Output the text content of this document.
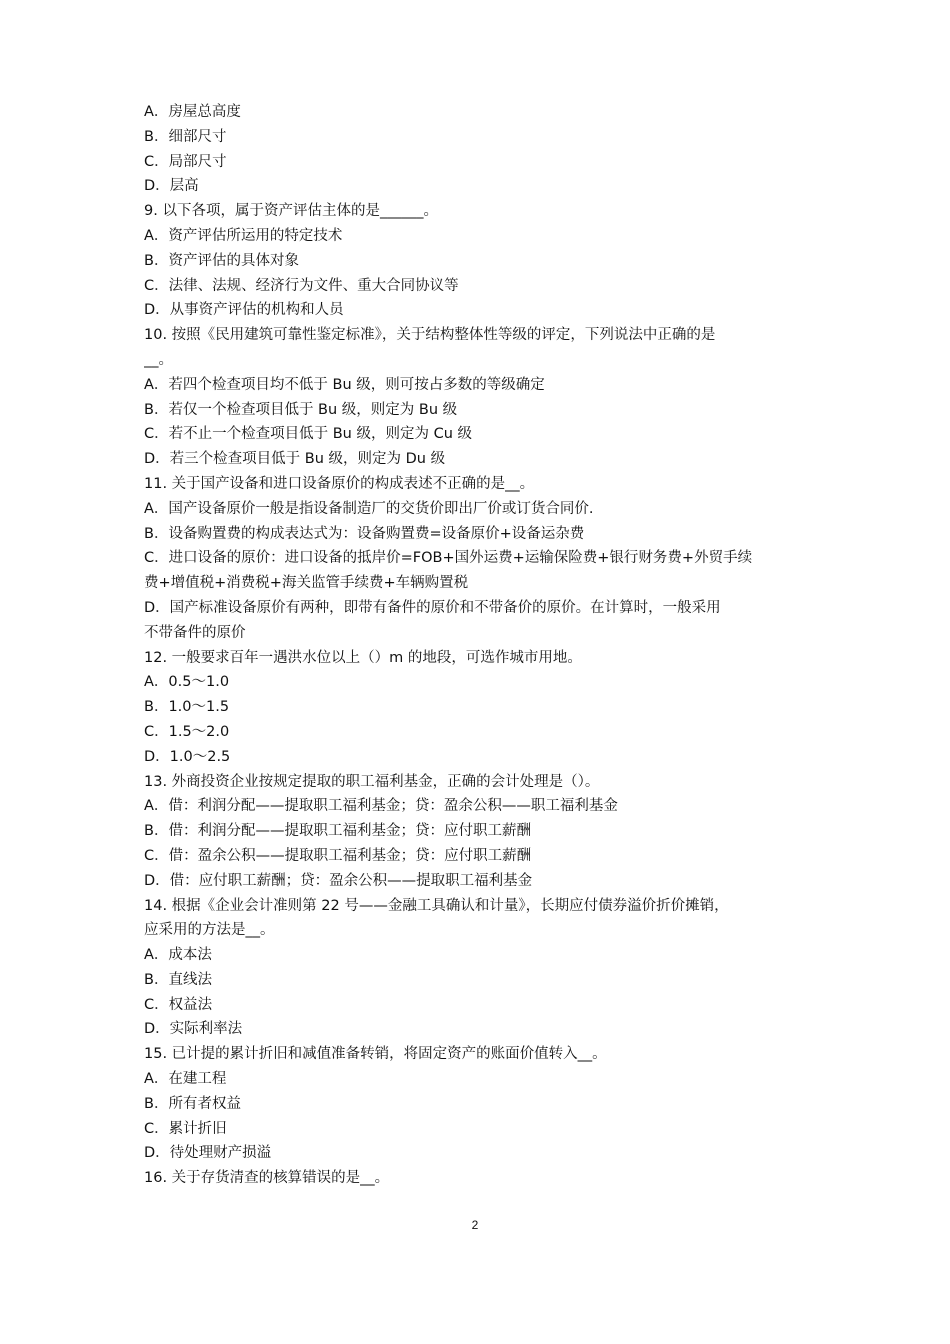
A．房屋总高度
B．细部尺寸
C．局部尺寸
D．层高
9. 以下各项，属于资产评估主体的是______。
A．资产评估所运用的特定技术
B．资产评估的具体对象
C．法律、法规、经济行为文件、重大合同协议等
D．从事资产评估的机构和人员
10. 按照《民用建筑可靠性鉴定标准》，关于结构整体性等级的评定，下列说法中正确的是
__。
A．若四个检查项目均不低于 Bu 级，则可按占多数的等级确定
B．若仅一个检查项目低于 Bu 级，则定为 Bu 级
C．若不止一个检查项目低于 Bu 级，则定为 Cu 级
D．若三个检查项目低于 Bu 级，则定为 Du 级
11. 关于国产设备和进口设备原价的构成表述不正确的是__。
A．国产设备原价一般是指设备制造厂的交货价即出厂价或订货合同价.
B．设备购置费的构成表达式为：设备购置费=设备原价+设备运杂费
C．进口设备的原价：进口设备的抵岸价=FOB+国外运费+运输保险费+银行财务费+外贸手续
费+增值税+消费税+海关监管手续费+车辆购置税
D．国产标准设备原价有两种，即带有备件的原价和不带备价的原价。在计算时，一般采用
不带备件的原价
12. 一般要求百年一遇洪水位以上（）m 的地段，可选作城市用地。
A．0.5～1.0
B．1.0～1.5
C．1.5～2.0
D．1.0～2.5
13. 外商投资企业按规定提取的职工福利基金，正确的会计处理是（）。
A．借：利润分配——提取职工福利基金；贷：盈余公积——职工福利基金
B．借：利润分配——提取职工福利基金；贷：应付职工薪酬
C．借：盈余公积——提取职工福利基金；贷：应付职工薪酬
D．借：应付职工薪酬；贷：盈余公积——提取职工福利基金
14. 根据《企业会计准则第 22 号——金融工具确认和计量》，长期应付债券溢价折价摊销，
应采用的方法是__。
A．成本法
B．直线法
C．权益法
D．实际利率法
15. 已计提的累计折旧和减值准备转销，将固定资产的账面价值转入__。
A．在建工程
B．所有者权益
C．累计折旧
D．待处理财产损溢
16. 关于存货清查的核算错误的是__。
2
